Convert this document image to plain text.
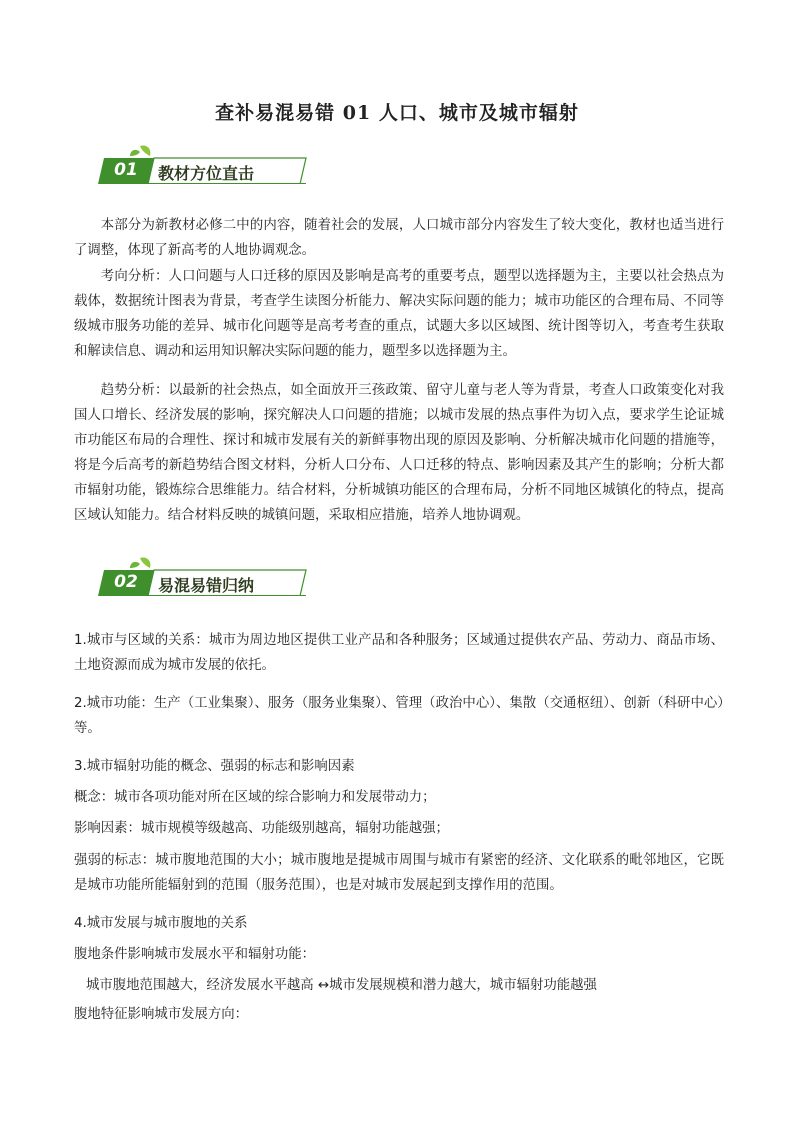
查补易混易错 01 人口、城市及城市辐射
01	教材方位直击

本部分为新教材必修二中的内容，随着社会的发展，人口城市部分内容发生了较大变化，教材也适当进行了调整，体现了新高考的人地协调观念。

考向分析：人口问题与人口迁移的原因及影响是高考的重要考点，题型以选择题为主，主要以社会热点为载体，数据统计图表为背景，考查学生读图分析能力、解决实际问题的能力；城市功能区的合理布局、不同等级城市服务功能的差异、城市化问题等是高考考查的重点，试题大多以区域图、统计图等切入，考查考生获取和解读信息、调动和运用知识解决实际问题的能力，题型多以选择题为主。

趋势分析：以最新的社会热点，如全面放开三孩政策、留守儿童与老人等为背景，考查人口政策变化对我国人口增长、经济发展的影响，探究解决人口问题的措施；以城市发展的热点事件为切入点，要求学生论证城市功能区布局的合理性、探讨和城市发展有关的新鲜事物出现的原因及影响、分析解决城市化问题的措施等，将是今后高考的新趋势结合图文材料，分析人口分布、人口迁移的特点、影响因素及其产生的影响；分析大都市辐射功能，锻炼综合思维能力。结合材料，分析城镇功能区的合理布局，分析不同地区城镇化的特点，提高区域认知能力。结合材料反映的城镇问题，采取相应措施，培养人地协调观。

02	易混易错归纳

1.城市与区域的关系：城市为周边地区提供工业产品和各种服务；区域通过提供农产品、劳动力、商品市场、土地资源而成为城市发展的依托。

2.城市功能：生产（工业集聚）、服务（服务业集聚）、管理（政治中心）、集散（交通枢纽）、创新（科研中心）等。

3.城市辐射功能的概念、强弱的标志和影响因素

概念：城市各项功能对所在区域的综合影响力和发展带动力；

影响因素：城市规模等级越高、功能级别越高，辐射功能越强；

强弱的标志：城市腹地范围的大小；城市腹地是提城市周围与城市有紧密的经济、文化联系的毗邻地区，它既是城市功能所能辐射到的范围（服务范围），也是对城市发展起到支撑作用的范围。

4.城市发展与城市腹地的关系

腹地条件影响城市发展水平和辐射功能：

城市腹地范围越大，经济发展水平越高 ↔城市发展规模和潜力越大，城市辐射功能越强

腹地特征影响城市发展方向：
